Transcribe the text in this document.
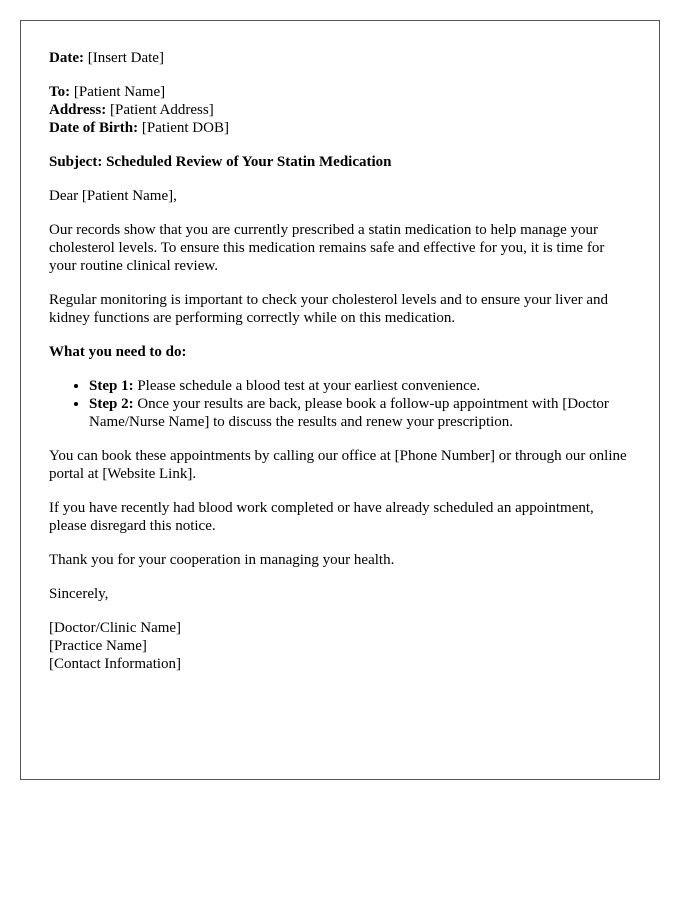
Date: [Insert Date]

To: [Patient Name]
Address: [Patient Address]
Date of Birth: [Patient DOB]

Subject: Scheduled Review of Your Statin Medication

Dear [Patient Name],

Our records show that you are currently prescribed a statin medication to help manage your cholesterol levels. To ensure this medication remains safe and effective for you, it is time for your routine clinical review.

Regular monitoring is important to check your cholesterol levels and to ensure your liver and kidney functions are performing correctly while on this medication.

What you need to do:

• Step 1: Please schedule a blood test at your earliest convenience.
• Step 2: Once your results are back, please book a follow-up appointment with [Doctor Name/Nurse Name] to discuss the results and renew your prescription.

You can book these appointments by calling our office at [Phone Number] or through our online portal at [Website Link].

If you have recently had blood work completed or have already scheduled an appointment, please disregard this notice.

Thank you for your cooperation in managing your health.

Sincerely,

[Doctor/Clinic Name]
[Practice Name]
[Contact Information]
